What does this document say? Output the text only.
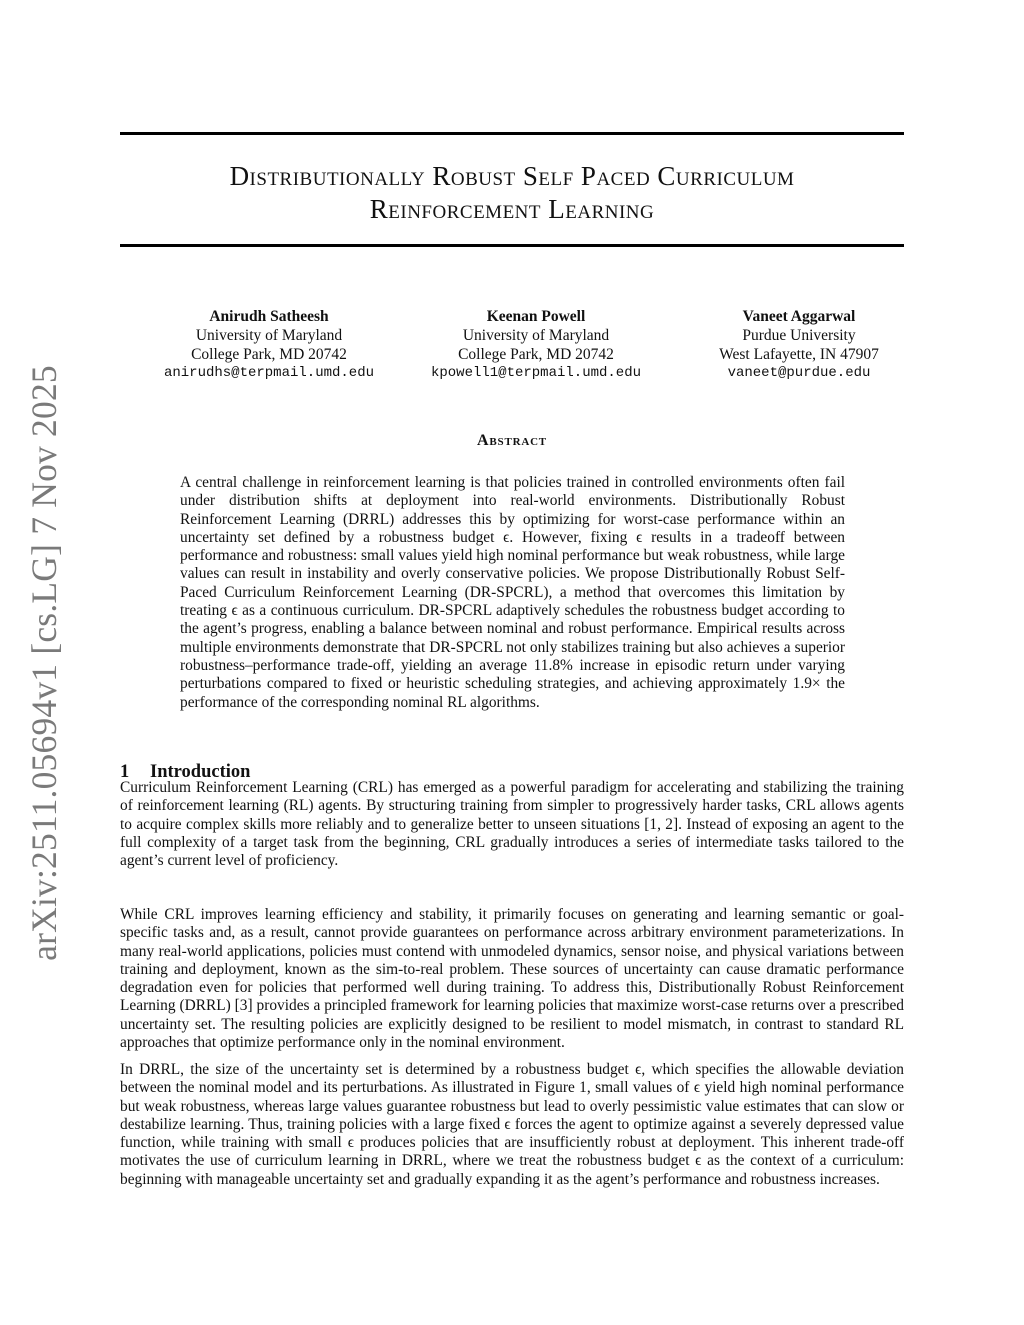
arXiv:2511.05694v1 [cs.LG] 7 Nov 2025
Distributionally Robust Self Paced Curriculum
Reinforcement Learning
Anirudh Satheesh
University of Maryland
College Park, MD 20742
anirudhs@terpmail.umd.edu
Keenan Powell
University of Maryland
College Park, MD 20742
kpowell1@terpmail.umd.edu
Vaneet Aggarwal
Purdue University
West Lafayette, IN 47907
vaneet@purdue.edu
Abstract

A central challenge in reinforcement learning is that policies trained in controlled environments often fail under distribution shifts at deployment into real-world environments. Distributionally Robust Reinforcement Learning (DRRL) addresses this by optimizing for worst-case performance within an uncertainty set defined by a robustness budget ϵ. However, fixing ϵ results in a tradeoff between performance and robustness: small values yield high nominal performance but weak robustness, while large values can result in instability and overly conservative policies. We propose Distributionally Robust Self-Paced Curriculum Reinforcement Learning (DR-SPCRL), a method that overcomes this limitation by treating ϵ as a continuous curriculum. DR-SPCRL adaptively schedules the robustness budget according to the agent’s progress, enabling a balance between nominal and robust performance. Empirical results across multiple environments demonstrate that DR-SPCRL not only stabilizes training but also achieves a superior robustness–performance trade-off, yielding an average 11.8% increase in episodic return under varying perturbations compared to fixed or heuristic scheduling strategies, and achieving approximately 1.9× the performance of the corresponding nominal RL algorithms.

1 Introduction

Curriculum Reinforcement Learning (CRL) has emerged as a powerful paradigm for accelerating and stabilizing the training of reinforcement learning (RL) agents. By structuring training from simpler to progressively harder tasks, CRL allows agents to acquire complex skills more reliably and to generalize better to unseen situations [1, 2]. Instead of exposing an agent to the full complexity of a target task from the beginning, CRL gradually introduces a series of intermediate tasks tailored to the agent’s current level of proficiency.

While CRL improves learning efficiency and stability, it primarily focuses on generating and learning semantic or goal-specific tasks and, as a result, cannot provide guarantees on performance across arbitrary environment parameterizations. In many real-world applications, policies must contend with unmodeled dynamics, sensor noise, and physical variations between training and deployment, known as the sim-to-real problem. These sources of uncertainty can cause dramatic performance degradation even for policies that performed well during training. To address this, Distributionally Robust Reinforcement Learning (DRRL) [3] provides a principled framework for learning policies that maximize worst-case returns over a prescribed uncertainty set. The resulting policies are explicitly designed to be resilient to model mismatch, in contrast to standard RL approaches that optimize performance only in the nominal environment.

In DRRL, the size of the uncertainty set is determined by a robustness budget ϵ, which specifies the allowable deviation between the nominal model and its perturbations. As illustrated in Figure 1, small values of ϵ yield high nominal performance but weak robustness, whereas large values guarantee robustness but lead to overly pessimistic value estimates that can slow or destabilize learning. Thus, training policies with a large fixed ϵ forces the agent to optimize against a severely depressed value function, while training with small ϵ produces policies that are insufficiently robust at deployment. This inherent trade-off motivates the use of curriculum learning in DRRL, where we treat the robustness budget ϵ as the context of a curriculum: beginning with manageable uncertainty set and gradually expanding it as the agent’s performance and robustness increases.
